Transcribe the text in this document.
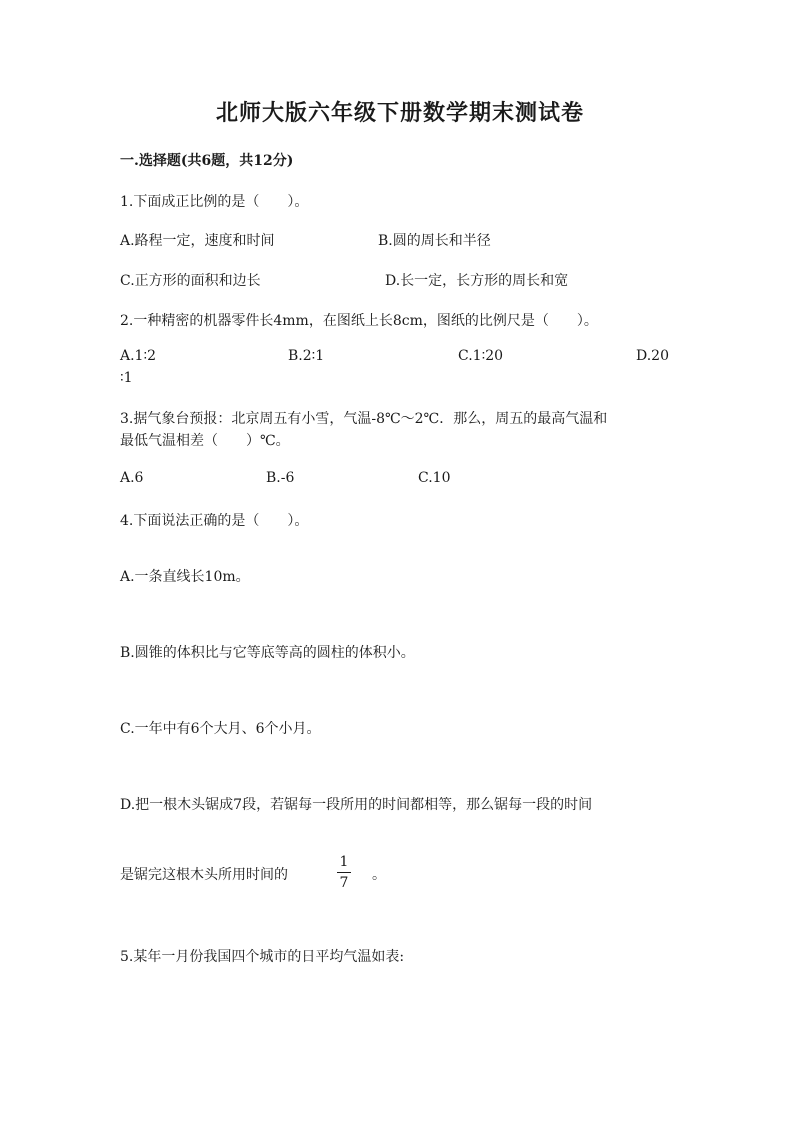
北师大版六年级下册数学期末测试卷
一.选择题(共6题，共12分)
1.下面成正比例的是（　　）。
A.路程一定，速度和时间	B.圆的周长和半径
C.正方形的面积和边长	D.长一定，长方形的周长和宽
2.一种精密的机器零件长4mm，在图纸上长8cm，图纸的比例尺是（　　）。
A.1∶2	B.2∶1	C.1∶20	D.20
∶1
3.据气象台预报：北京周五有小雪，气温-8℃～2℃．那么，周五的最高气温和
最低气温相差（　　）℃。
A.6	B.-6	C.10
4.下面说法正确的是（　　）。
A.一条直线长10m。
B.圆锥的体积比与它等底等高的圆柱的体积小。
C.一年中有6个大月、6个小月。
D.把一根木头锯成7段，若锯每一段所用的时间都相等，那么锯每一段的时间
是锯完这根木头所用时间的
1
7 。
5.某年一月份我国四个城市的日平均气温如表:
